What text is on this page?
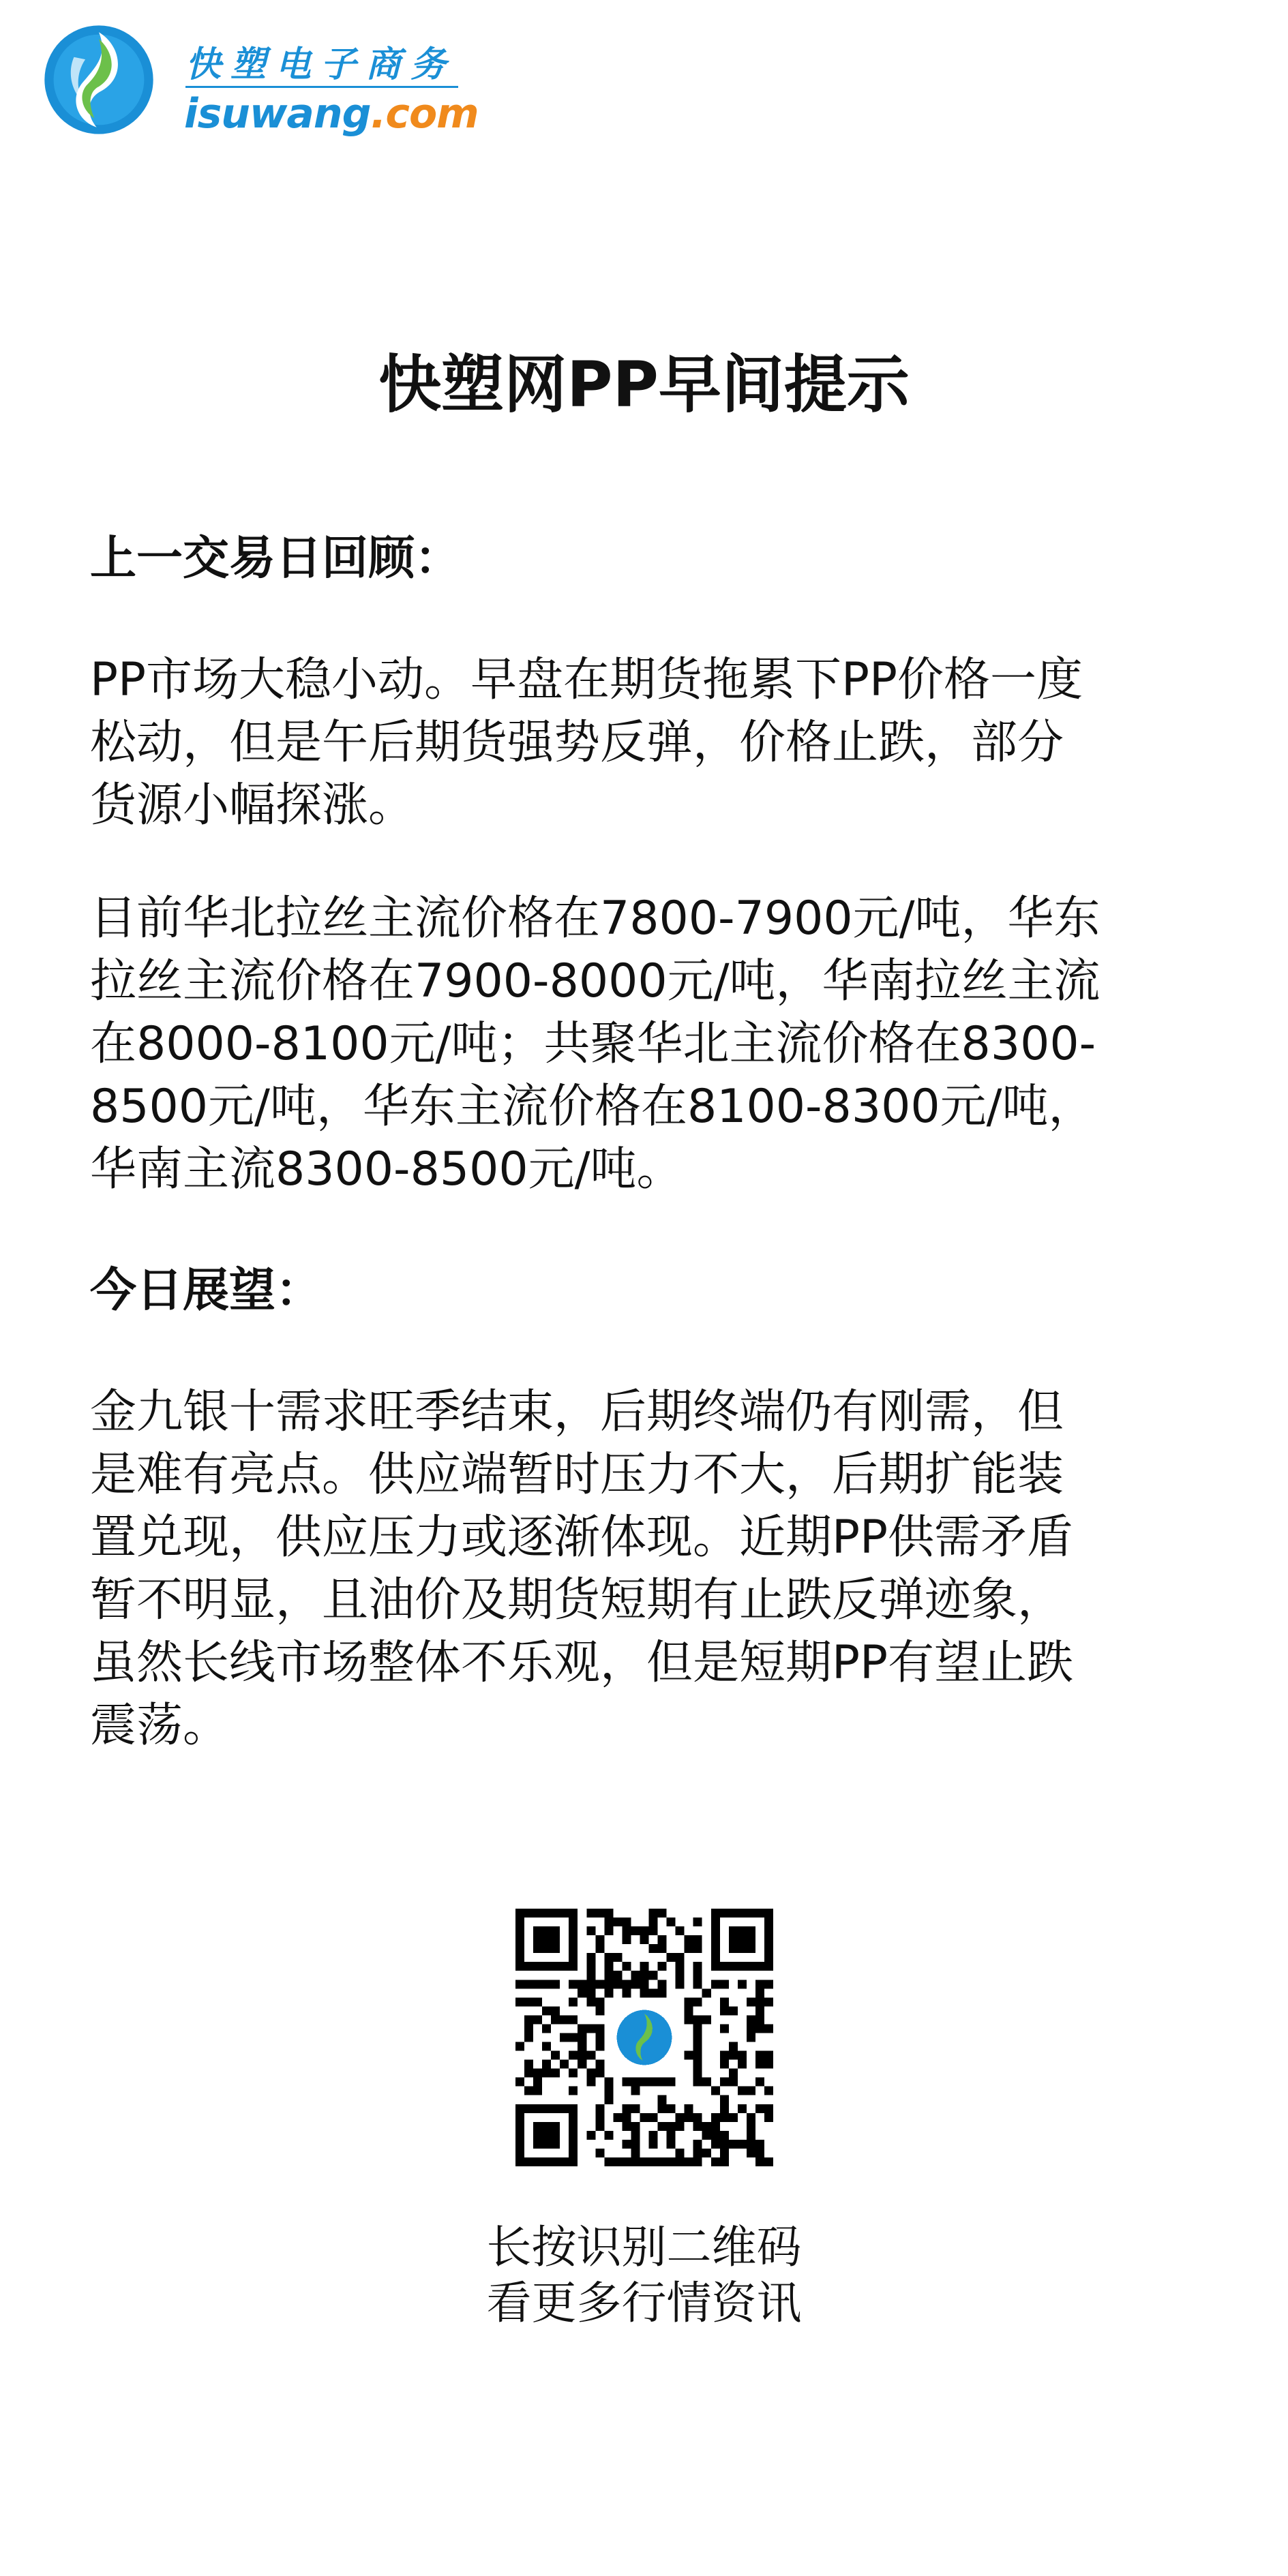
快塑电子商务
isuwang.com
快塑网PP早间提示
上一交易日回顾：

PP市场大稳小动。早盘在期货拖累下PP价格一度
松动，但是午后期货强势反弹，价格止跌，部分
货源小幅探涨。

目前华北拉丝主流价格在7800-7900元/吨，华东
拉丝主流价格在7900-8000元/吨，华南拉丝主流
在8000-8100元/吨；共聚华北主流价格在8300-
8500元/吨，华东主流价格在8100-8300元/吨，
华南主流8300-8500元/吨。

今日展望：

金九银十需求旺季结束，后期终端仍有刚需，但
是难有亮点。供应端暂时压力不大，后期扩能装
置兑现，供应压力或逐渐体现。近期PP供需矛盾
暂不明显，且油价及期货短期有止跌反弹迹象，
虽然长线市场整体不乐观，但是短期PP有望止跌
震荡。

长按识别二维码
看更多行情资讯
